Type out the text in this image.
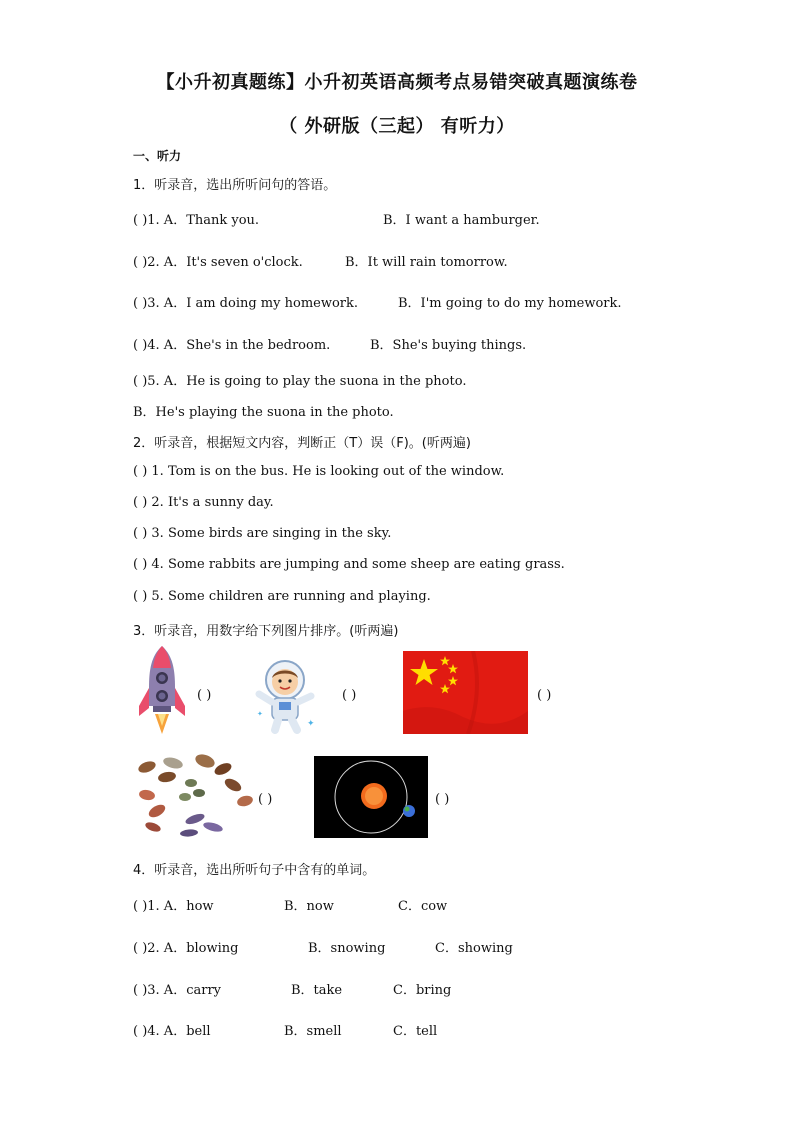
【小升初真题练】小升初英语高频考点易错突破真题演练卷
（ 外研版（三起） 有听力）
一、听力
1．听录音，选出所听问句的答语。
( )1. A．Thank you.	B．I want a hamburger.
( )2. A．It's seven o'clock.	B．It will rain tomorrow.
( )3. A．I am doing my homework.	B．I'm going to do my homework.
( )4. A．She's in the bedroom.	B．She's buying things.
( )5. A．He is going to play the suona in the photo.
B．He's playing the suona in the photo.
2．听录音，根据短文内容，判断正（T）误（F)。(听两遍)
( ) 1. Tom is on the bus. He is looking out of the window.
( ) 2. It's a sunny day.
( ) 3. Some birds are singing in the sky.
( ) 4. Some rabbits are jumping and some sheep are eating grass.
( ) 5. Some children are running and playing.
3．听录音，用数字给下列图片排序。(听两遍)
( )
✦
✦
( )	( )
( )	( )
4．听录音，选出所听句子中含有的单词。
( )1. A．how	B．now	C．cow
( )2. A．blowing	B．snowing	C．showing
( )3. A．carry	B．take	C．bring
( )4. A．bell	B．smell	C．tell
